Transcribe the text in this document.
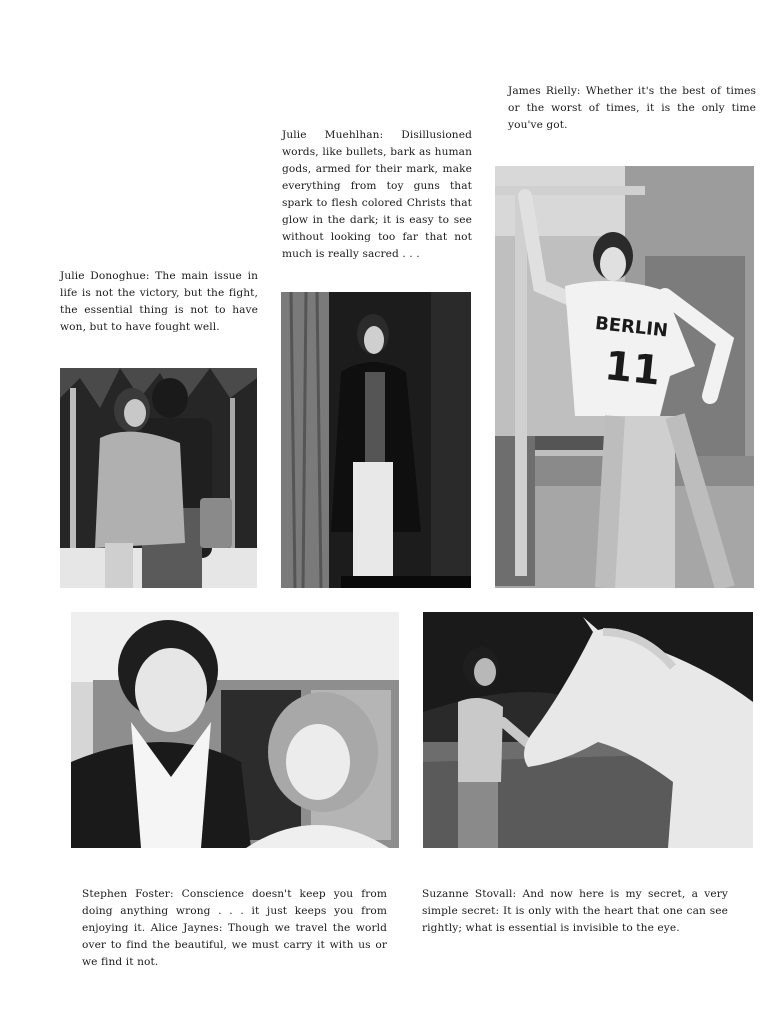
James Rielly: Whether it's the best of times or the worst of times, it is the only time you've got.
Julie Muehlhan: Disillusioned words, like bullets, bark as human gods, armed for their mark, make everything from toy guns that spark to flesh colored Christs that glow in the dark; it is easy to see without looking too far that not much is really sacred . . .
Julie Donoghue: The main issue in life is not the victory, but the fight, the essential thing is not to have won, but to have fought well.
Stephen Foster: Conscience doesn't keep you from doing anything wrong . . . it just keeps you from enjoying it. Alice Jaynes: Though we travel the world over to find the beautiful, we must carry it with us or we find it not.
Suzanne Stovall: And now here is my secret, a very simple secret: It is only with the heart that one can see rightly; what is essential is invisible to the eye.
BERLIN
11
